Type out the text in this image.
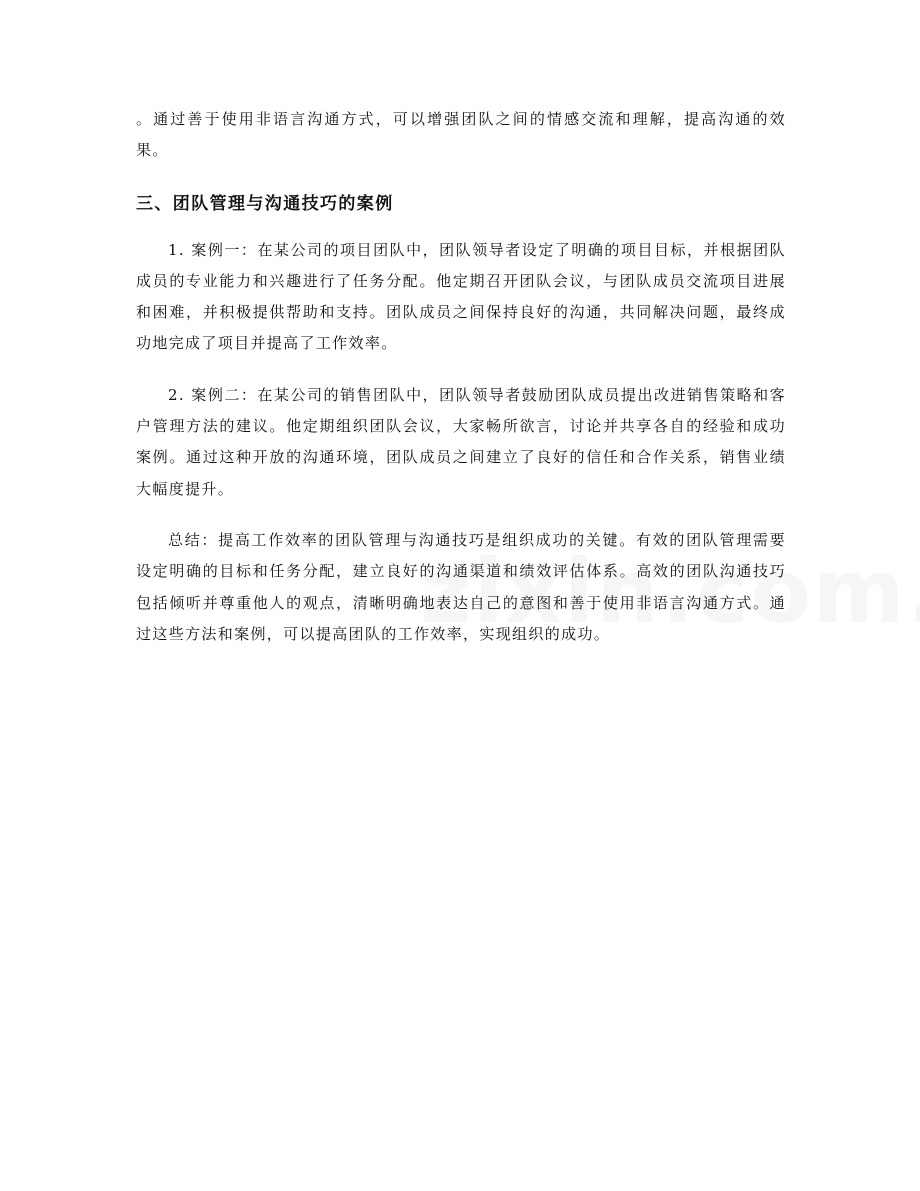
。通过善于使用非语言沟通方式，可以增强团队之间的情感交流和理解，提高沟通的效果。

三、团队管理与沟通技巧的案例

1. 案例一：在某公司的项目团队中，团队领导者设定了明确的项目目标，并根据团队成员的专业能力和兴趣进行了任务分配。他定期召开团队会议，与团队成员交流项目进展和困难，并积极提供帮助和支持。团队成员之间保持良好的沟通，共同解决问题，最终成功地完成了项目并提高了工作效率。

2. 案例二：在某公司的销售团队中，团队领导者鼓励团队成员提出改进销售策略和客户管理方法的建议。他定期组织团队会议，大家畅所欲言，讨论并共享各自的经验和成功案例。通过这种开放的沟通环境，团队成员之间建立了良好的信任和合作关系，销售业绩大幅度提升。

总结：提高工作效率的团队管理与沟通技巧是组织成功的关键。有效的团队管理需要设定明确的目标和任务分配，建立良好的沟通渠道和绩效评估体系。高效的团队沟通技巧包括倾听并尊重他人的观点，清晰明确地表达自己的意图和善于使用非语言沟通方式。通过这些方法和案例，可以提高团队的工作效率，实现组织的成功。
